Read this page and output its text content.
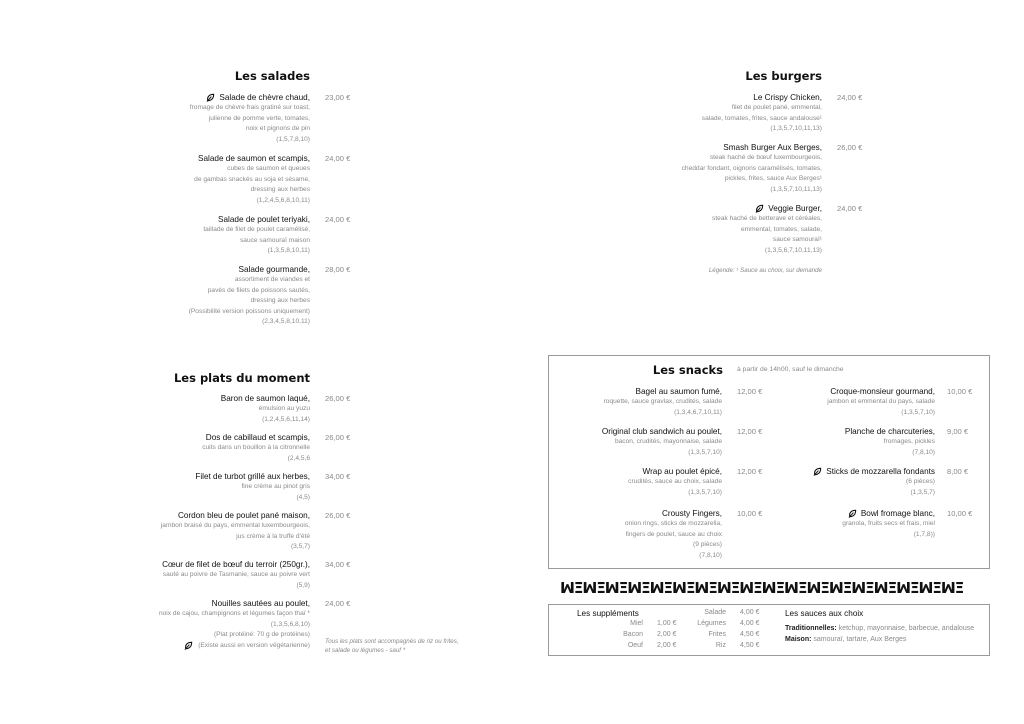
Les salades
Salade de chèvre chaud,
fromage de chèvre frais gratiné sur toast,
julienne de pomme verte, tomates,
noix et pignons de pin
(1,5,7,8,10)
23,00 €
Salade de saumon et scampis,
cubes de saumon et queues
de gambas snackés au soja et sésame,
dressing aux herbes
(1,2,4,5,6,8,10,11)
24,00 €
Salade de poulet teriyaki,
taillade de filet de poulet caramélisé,
sauce samouraï maison
(1,3,5,8,10,11)
24,00 €
Salade gourmande,
assortiment de viandes et
pavés de filets de poissons sautés,
dressing aux herbes
(Possibilité version poissons uniquement)
(2,3,4,5,8,10,11)
28,00 €
Les burgers
Le Crispy Chicken,
filet de poulet pané, emmental,
salade, tomates, frites, sauce andalouse¹
(1,3,5,7,10,11,13)
24,00 €
Smash Burger Aux Berges,
steak haché de bœuf luxembourgeois,
cheddar fondant, oignons caramélisés, tomates,
pickles, frites, sauce Aux Berges¹
(1,3,5,7,10,11,13)
26,00 €
Veggie Burger,
steak haché de betterave et céréales,
emmental, tomates, salade,
sauce samouraï¹
(1,3,5,6,7,10,11,13)
24,00 €
Légende: ¹ Sauce au choix, sur demande
Les plats du moment
Baron de saumon laqué,
émulsion au yuzu
(1,2,4,5,6,11,14)
26,00 €
Dos de cabillaud et scampis,
cuits dans un bouillon à la citronnelle
(2,4,5,6
26,00 €
Filet de turbot grillé aux herbes,
fine crème au pinot gris
(4,5)
34,00 €
Cordon bleu de poulet pané maison,
jambon braisé du pays, emmental luxembourgeois,
jus crème à la truffe d'été
(3,5,7)
26,00 €
Cœur de filet de bœuf du terroir (250gr.),
sauté au poivre de Tasmanie, sauce au poivre vert
(5,9)
34,00 €
Nouilles sautées au poulet,
noix de cajou, champignons et légumes façon thaï *
(1,3,5,6,8,10)
(Plat protéiné: 70 g de protéines)
(Existe aussi en version végétarienne)
24,00 €
Tous les plats sont accompagnés de riz ou frites,
et salade ou légumes - sauf *
Les snacks à partir de 14h00, sauf le dimanche
Bagel au saumon fumé,
roquette, sauce gravlax, crudités, salade
(1,3,4,6,7,10,11)
12,00 €
Original club sandwich au poulet,
bacon, crudités, mayonnaise, salade
(1,3,5,7,10)
12,00 €
Wrap au poulet épicé,
crudités, sauce au choix, salade
(1,3,5,7,10)
12,00 €
Crousty Fingers,
onion rings, sticks de mozzarella,
fingers de poulet, sauce au choix
(9 pièces)
(7,8,10)
10,00 €
Croque-monsieur gourmand,
jambon et emmental du pays, salade
(1,3,5,7,10)
10,00 €
Planche de charcuteries,
fromages, pickles
(7,8,10)
9,00 €
Sticks de mozzarella fondants
(6 pièces)
(1,3,5,7)
8,00 €
Bowl fromage blanc,
granola, fruits secs et frais, miel
(1,7,8))
10,00 €
ꟽΞꟽΞꟽΞꟽΞꟽΞꟽΞꟽΞꟽΞꟽΞꟽΞꟽΞꟽΞꟽΞꟽΞꟽΞꟽΞꟽΞꟽΞ
Les suppléments
Miel 1,00 €
Bacon 2,00 €
Oeuf 2,00 €
Salade 4,00 €
Légumes 4,00 €
Frites 4,50 €
Riz 4,50 €
Les sauces aux choix
Traditionnelles: ketchup, mayonnaise, barbecue, andalouse
Maison: samouraï, tartare, Aux Berges
